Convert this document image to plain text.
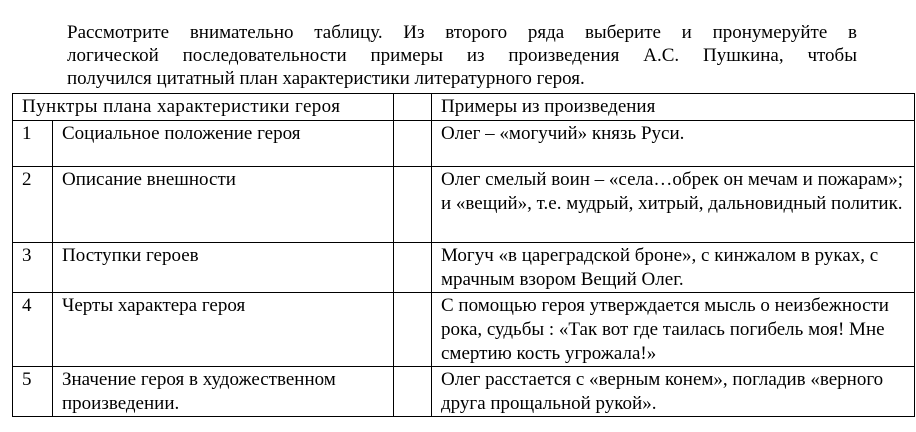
Рассмотрите внимательно таблицу. Из второго ряда выберите и пронумеруйте в

логической последовательности примеры из произведения А.С. Пушкина, чтобы

получился цитатный план характеристики литературного героя.

Пунктры плана характеристики героя			Примеры из произведения
1	Социальное положение героя		Олег – «могучий» князь Руси.
2	Описание внешности		Олег смелый воин – «села…обрек он мечам и пожарам»; и «вещий», т.е. мудрый, хитрый, дальновидный политик.
3	Поступки героев		Могуч «в цареградской броне», с кинжалом в руках, с мрачным взором Вещий Олег.
4	Черты характера героя		С помощью героя утверждается мысль о неизбежности рока, судьбы : «Так вот где таилась погибель моя! Мне смертию кость угрожала!»
5	Значение героя в художественном произведении.		Олег расстается с «верным конем», погладив «верного друга прощальной рукой».
